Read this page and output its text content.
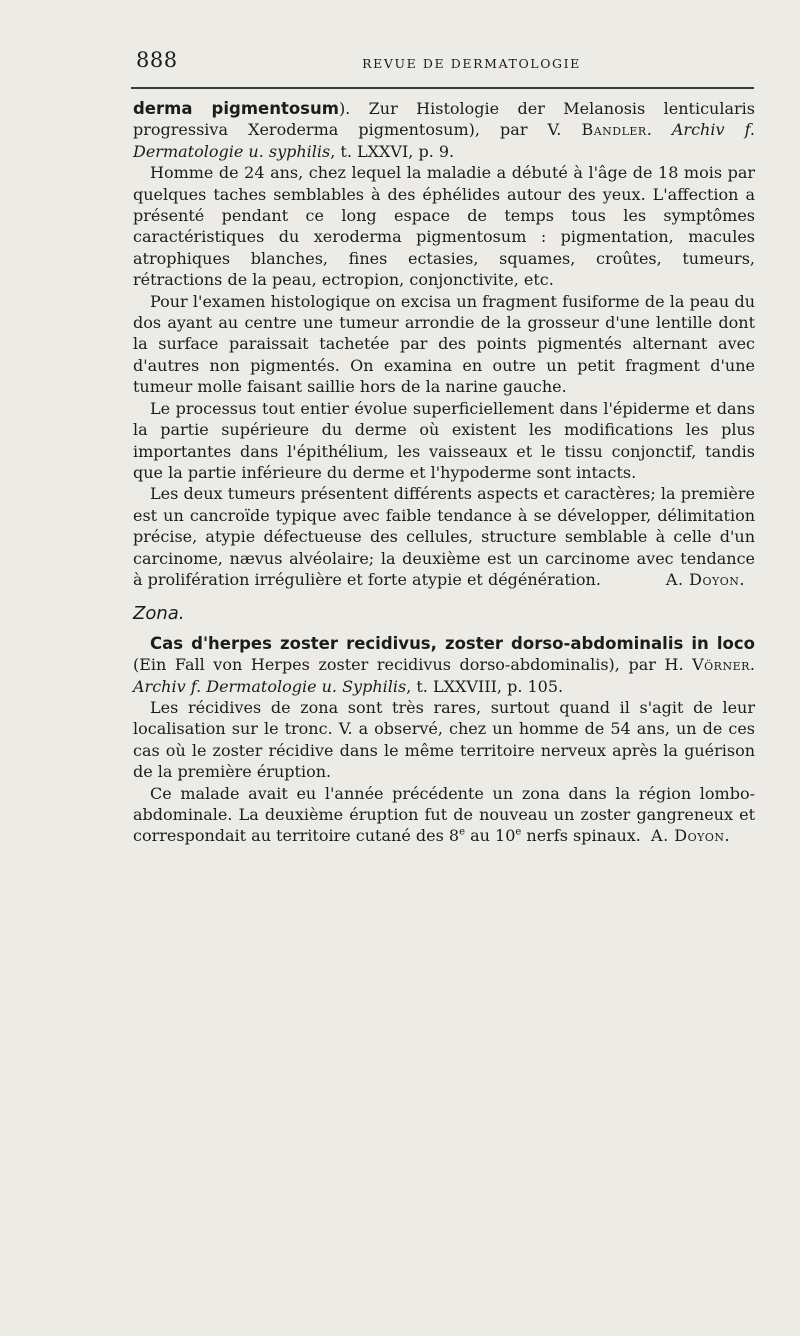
888	REVUE DE DERMATOLOGIE

derma pigmentosum). Zur Histologie der Melanosis lenticularis progressiva Xeroderma pigmentosum), par V. Bandler. Archiv f. Dermatologie u. syphilis, t. LXXVI, p. 9.

Homme de 24 ans, chez lequel la maladie a débuté à l'âge de 18 mois par quelques taches semblables à des éphélides autour des yeux. L'affection a présenté pendant ce long espace de temps tous les symptômes caractéristiques du xeroderma pigmentosum : pigmentation, macules atrophiques blanches, fines ectasies, squames, croûtes, tumeurs, rétractions de la peau, ectropion, conjonctivite, etc.

Pour l'examen histologique on excisa un fragment fusiforme de la peau du dos ayant au centre une tumeur arrondie de la grosseur d'une lentille dont la surface paraissait tachetée par des points pigmentés alternant avec d'autres non pigmentés. On examina en outre un petit fragment d'une tumeur molle faisant saillie hors de la narine gauche.

Le processus tout entier évolue superficiellement dans l'épiderme et dans la partie supérieure du derme où existent les modifications les plus importantes dans l'épithélium, les vaisseaux et le tissu conjonctif, tandis que la partie inférieure du derme et l'hypoderme sont intacts.

Les deux tumeurs présentent différents aspects et caractères; la première est un cancroïde typique avec faible tendance à se développer, délimitation précise, atypie défectueuse des cellules, structure semblable à celle d'un carcinome, nævus alvéolaire; la deuxième est un carcinome avec tendance à prolifération irrégulière et forte atypie et dégénération.	A. Doyon.

Zona.

Cas d'herpes zoster recidivus, zoster dorso-abdominalis in loco (Ein Fall von Herpes zoster recidivus dorso-abdominalis), par H. Vörner. Archiv f. Dermatologie u. Syphilis, t. LXXVIII, p. 105.

Les récidives de zona sont très rares, surtout quand il s'agit de leur localisation sur le tronc. V. a observé, chez un homme de 54 ans, un de ces cas où le zoster récidive dans le même territoire nerveux après la guérison de la première éruption.

Ce malade avait eu l'année précédente un zona dans la région lombo-abdominale. La deuxième éruption fut de nouveau un zoster gangreneux et correspondait au territoire cutané des 8e au 10e nerfs spinaux. A. Doyon.
